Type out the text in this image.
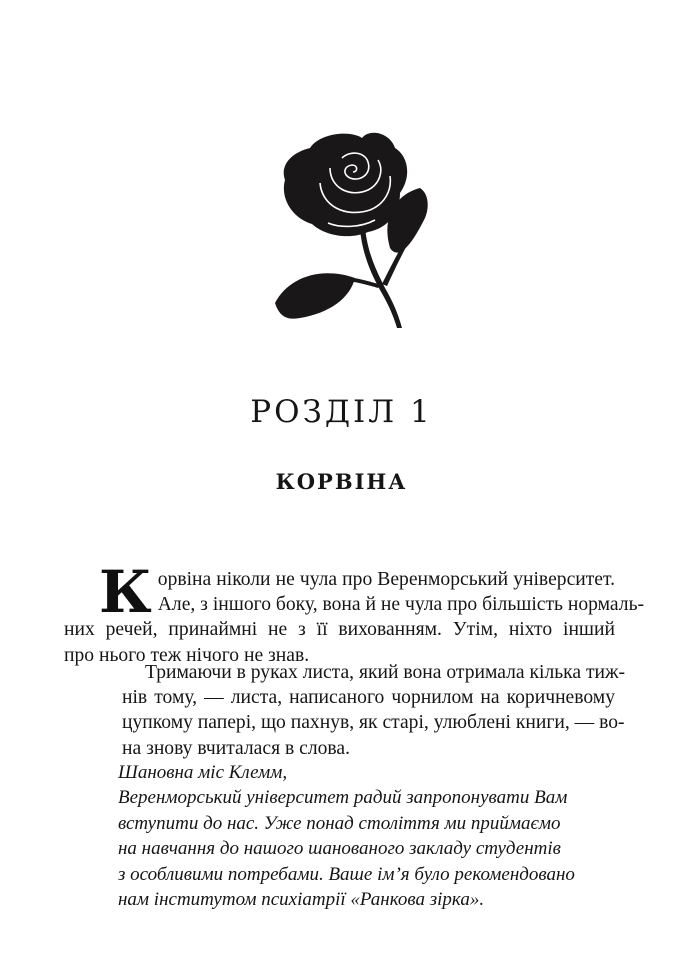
РОЗДІЛ 1
КОРВІНА
К орвіна ніколи не чула про Веренморський університет.
Але, з іншого боку, вона й не чула про більшість нормаль-
них речей, принаймні не з її вихованням. Утім, ніхто інший
про нього теж нічого не знав.
Тримаючи в руках листа, який вона отримала кілька тиж-
нів тому, — листа, написаного чорнилом на коричневому
цупкому папері, що пахнув, як старі, улюблені книги, — во-
на знову вчиталася в слова.
Шановна міс Клемм,
Веренморський університет радий запропонувати Вам
вступити до нас. Уже понад століття ми приймаємо
на навчання до нашого шанованого закладу студентів
з особливими потребами. Ваше ім’я було рекомендовано
нам інститутом психіатрії «Ранкова зірка».
